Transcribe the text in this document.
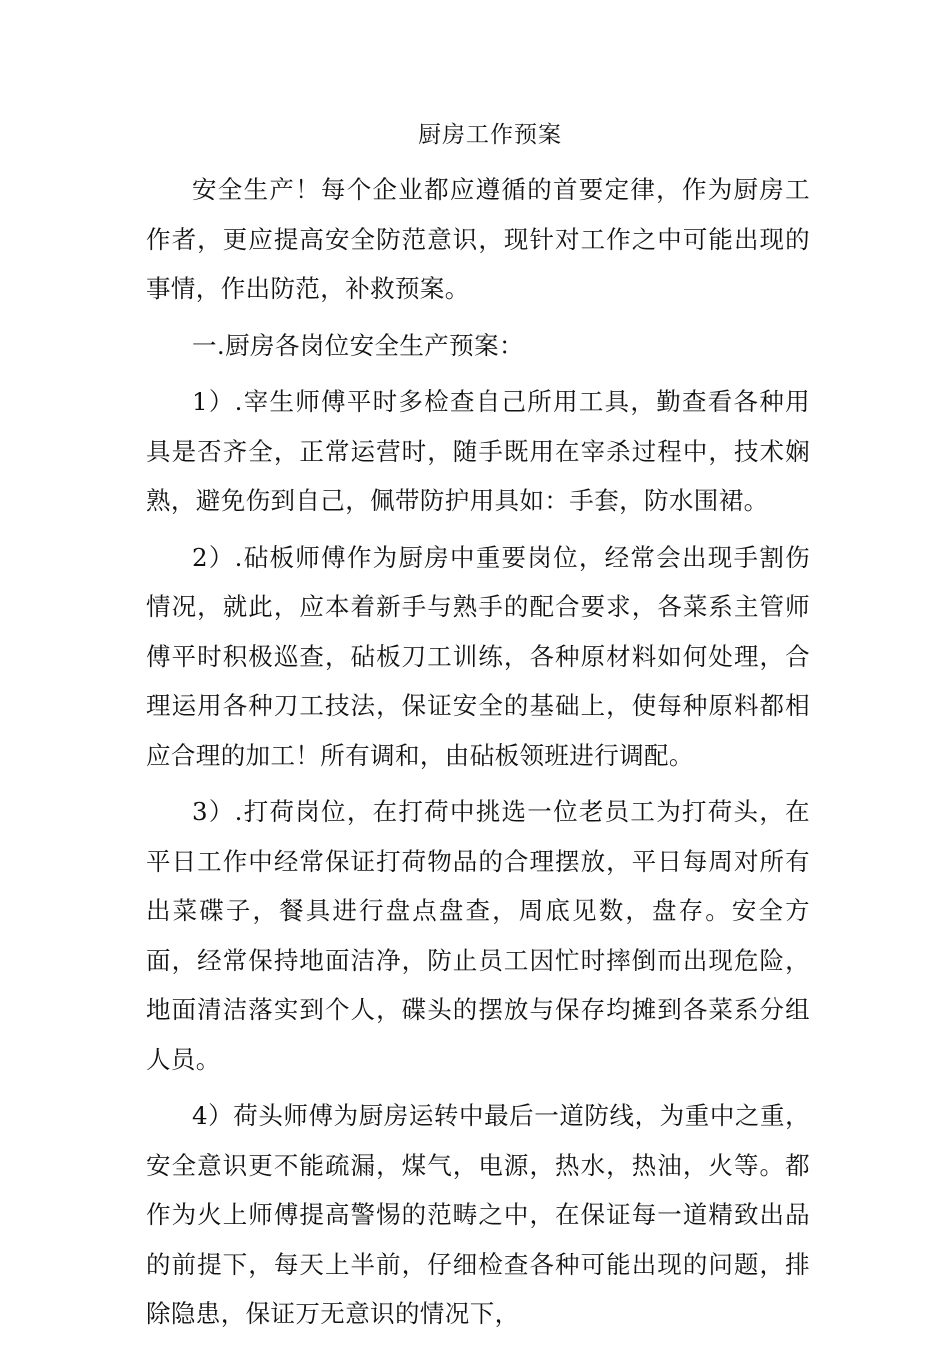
厨房工作预案

安全生产！每个企业都应遵循的首要定律，作为厨房工作者，更应提高安全防范意识，现针对工作之中可能出现的事情，作出防范，补救预案。

一.厨房各岗位安全生产预案：

1）.宰生师傅平时多检查自己所用工具，勤查看各种用具是否齐全，正常运营时，随手既用在宰杀过程中，技术娴熟，避免伤到自己，佩带防护用具如：手套，防水围裙。

2）.砧板师傅作为厨房中重要岗位，经常会出现手割伤情况，就此，应本着新手与熟手的配合要求，各菜系主管师傅平时积极巡查，砧板刀工训练，各种原材料如何处理，合理运用各种刀工技法，保证安全的基础上，使每种原料都相应合理的加工！所有调和，由砧板领班进行调配。

3）.打荷岗位，在打荷中挑选一位老员工为打荷头，在平日工作中经常保证打荷物品的合理摆放，平日每周对所有出菜碟子，餐具进行盘点盘查，周底见数，盘存。安全方面，经常保持地面洁净，防止员工因忙时摔倒而出现危险，地面清洁落实到个人，碟头的摆放与保存均摊到各菜系分组人员。

4）荷头师傅为厨房运转中最后一道防线，为重中之重，安全意识更不能疏漏，煤气，电源，热水，热油，火等。都作为火上师傅提高警惕的范畴之中，在保证每一道精致出品的前提下，每天上半前，仔细检查各种可能出现的问题，排除隐患，保证万无意识的情况下，
